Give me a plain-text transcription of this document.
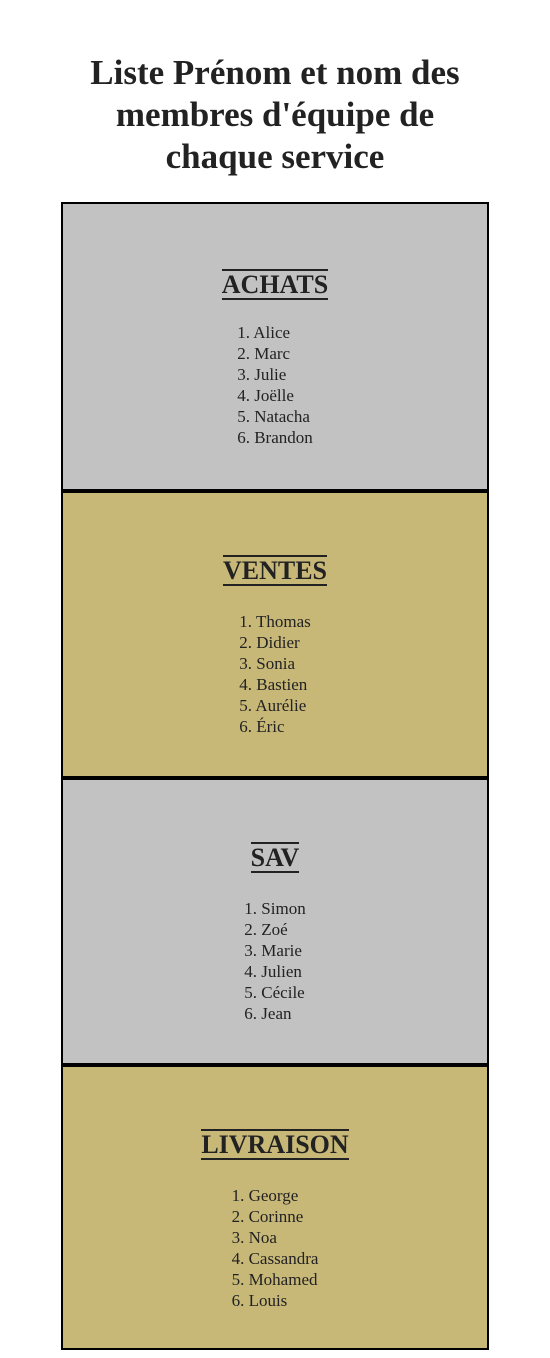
Liste Prénom et nom des
membres d'équipe de
chaque service
ACHATS
1. Alice
2. Marc
3. Julie
4. Joëlle
5. Natacha
6. Brandon
VENTES
1. Thomas
2. Didier
3. Sonia
4. Bastien
5. Aurélie
6. Éric
SAV
1. Simon
2. Zoé
3. Marie
4. Julien
5. Cécile
6. Jean
LIVRAISON
1. George
2. Corinne
3. Noa
4. Cassandra
5. Mohamed
6. Louis
